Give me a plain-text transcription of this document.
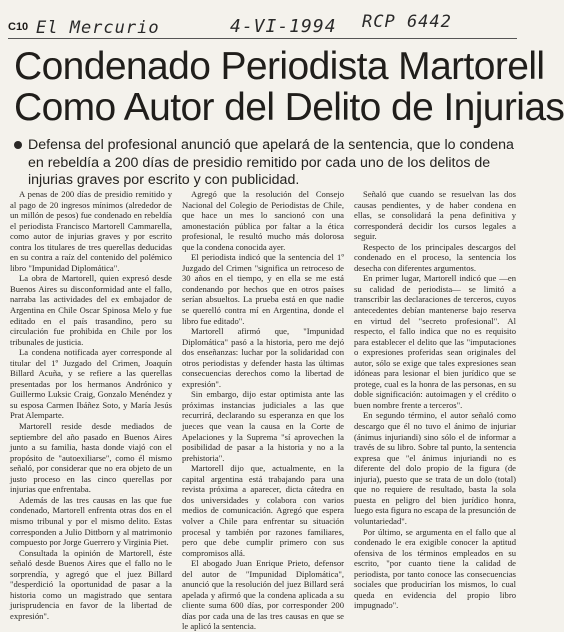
C10 El Mercurio	4-VI-1994 RCP 6442
Condenado Periodista Martorell
Como Autor del Delito de Injurias

Defensa del profesional anunció que apelará de la sentencia, que lo condena en rebeldía a 200 días de presidio remitido por cada uno de los delitos de injurias graves por escrito y con publicidad.

A penas de 200 días de presidio remitido y al pago de 20 ingresos mínimos (alrededor de un millón de pesos) fue condenado en rebeldía el periodista Francisco Martorell Cammarella, como autor de injurias graves y por escrito contra los titulares de tres querellas deducidas en su contra a raíz del contenido del polémico libro "Impunidad Diplomática".

La obra de Martorell, quien expresó desde Buenos Aires su disconformidad ante el fallo, narraba las actividades del ex embajador de Argentina en Chile Oscar Spinosa Melo y fue editado en el país trasandino, pero su circulación fue prohibida en Chile por los tribunales de justicia.

La condena notificada ayer corresponde al titular del 1º Juzgado del Crimen, Joaquín Billard Acuña, y se refiere a las querellas presentadas por los hermanos Andrónico y Guillermo Luksic Craig, Gonzalo Menéndez y su esposa Carmen Ibáñez Soto, y María Jesús Prat Alemparte.

Martorell reside desde mediados de septiembre del año pasado en Buenos Aires junto a su familia, hasta donde viajó con el propósito de "autoexiliarse", como él mismo señaló, por considerar que no era objeto de un justo proceso en las cinco querellas por injurias que enfrentaba.

Además de las tres causas en las que fue condenado, Martorell enfrenta otras dos en el mismo tribunal y por el mismo delito. Estas corresponden a Julio Dittborn y al matrimonio compuesto por Jorge Guerrero y Virginia Piet.

Consultada la opinión de Martorell, éste señaló desde Buenos Aires que el fallo no le sorprendía, y agregó que el juez Billard "desperdició la oportunidad de pasar a la historia como un magistrado que sentara jurisprudencia en favor de la libertad de expresión".

Agregó que la resolución del Consejo Nacional del Colegio de Periodistas de Chile, que hace un mes lo sancionó con una amonestación pública por faltar a la ética profesional, le resultó mucho más dolorosa que la condena conocida ayer.

El periodista indicó que la sentencia del 1º Juzgado del Crimen "significa un retroceso de 30 años en el tiempo, y en ella se me está condenando por hechos que en otros países serían absueltos. La prueba está en que nadie se querelló contra mí en Argentina, donde el libro fue editado".

Martorell afirmó que, "Impunidad Diplomática" pasó a la historia, pero me dejó dos enseñanzas: luchar por la solidaridad con otros periodistas y defender hasta las últimas consecuencias derechos como la libertad de expresión".

Sin embargo, dijo estar optimista ante las próximas instancias judiciales a las que recurrirá, declarando su esperanza en que los jueces que vean la causa en la Corte de Apelaciones y la Suprema "sí aprovechen la posibilidad de pasar a la historia y no a la prehistoria".

Martorell dijo que, actualmente, en la capital argentina está trabajando para una revista próxima a aparecer, dicta cátedra en dos universidades y colabora con varios medios de comunicación. Agregó que espera volver a Chile para enfrentar su situación procesal y también por razones familiares, pero que debe cumplir primero con sus compromisos allá.

El abogado Juan Enrique Prieto, defensor del autor de "Impunidad Diplomática", anunció que la resolución del juez Billard será apelada y afirmó que la condena aplicada a su cliente suma 600 días, por corresponder 200 días por cada una de las tres causas en que se le aplicó la sentencia.

Señaló que cuando se resuelvan las dos causas pendientes, y de haber condena en ellas, se consolidará la pena definitiva y corresponderá decidir los cursos legales a seguir.

Respecto de los principales descargos del condenado en el proceso, la sentencia los desecha con diferentes argumentos.

En primer lugar, Martorell indicó que —en su calidad de periodista— se limitó a transcribir las declaraciones de terceros, cuyos antecedentes debían mantenerse bajo reserva en virtud del "secreto profesional". Al respecto, el fallo indica que no es requisito para establecer el delito que las "imputaciones o expresiones proferidas sean originales del autor, sólo se exige que tales expresiones sean idóneas para lesionar el bien jurídico que se protege, cual es la honra de las personas, en su doble significación: autoimagen y el crédito o buen nombre frente a terceros".

En segundo término, el autor señaló como descargo que él no tuvo el ánimo de injuriar (ánimus injuriandi) sino sólo el de informar a través de su libro. Sobre tal punto, la sentencia expresa que "el ánimus injuriandi no es diferente del dolo propio de la figura (de injuria), puesto que se trata de un dolo (total) que no requiere de resultado, basta la sola puesta en peligro del bien jurídico honra, luego esta figura no escapa de la presunción de voluntariedad".

Por último, se argumenta en el fallo que al condenado le era exigible conocer la aptitud ofensiva de los términos empleados en su escrito, "por cuanto tiene la calidad de periodista, por tanto conoce las consecuencias sociales que producirían los mismos, lo cual queda en evidencia del propio libro impugnado".
